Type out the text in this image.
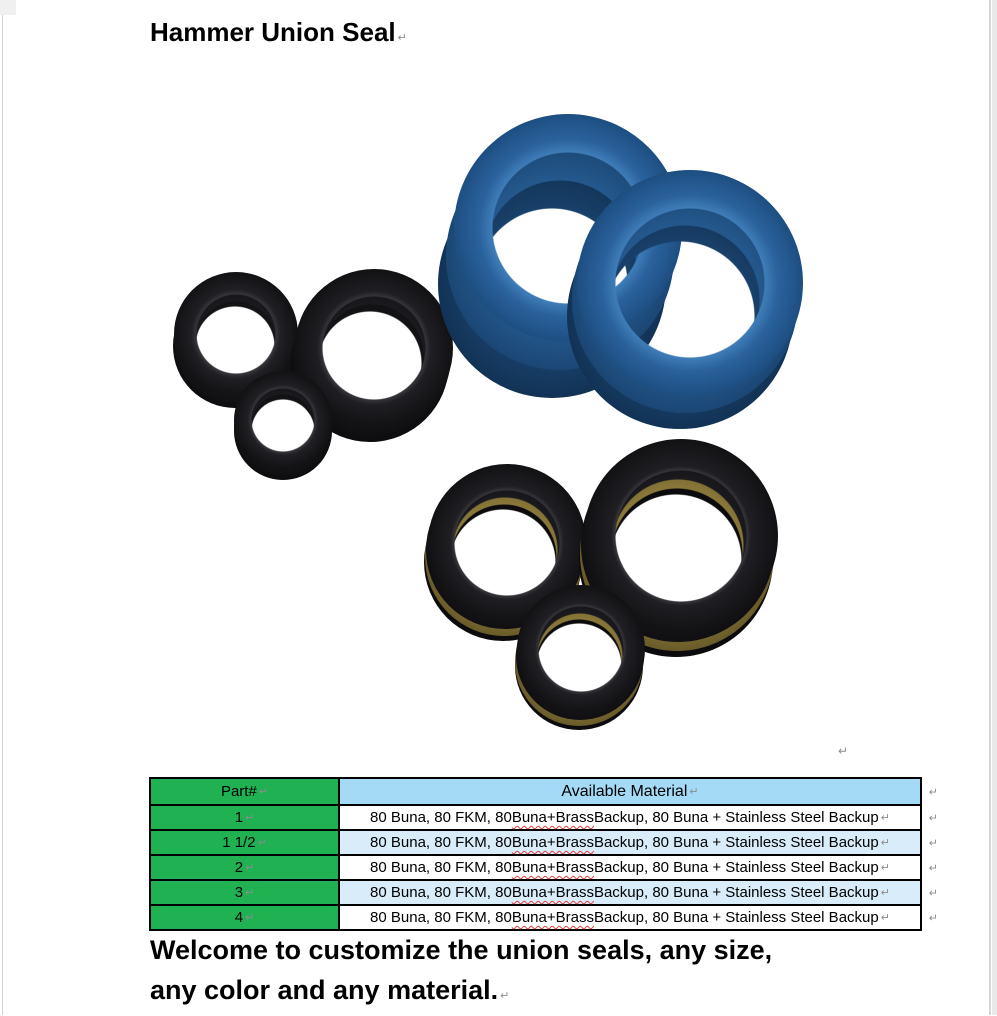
Hammer Union Seal ↵
↵
Part# ↵	Available Material ↵	↵
1 ↵	80 Buna, 80 FKM, 80 Buna+Brass Backup, 80 Buna + Stainless Steel Backup ↵	↵
1 1/2 ↵	80 Buna, 80 FKM, 80 Buna+Brass Backup, 80 Buna + Stainless Steel Backup ↵	↵
2 ↵	80 Buna, 80 FKM, 80 Buna+Brass Backup, 80 Buna + Stainless Steel Backup ↵	↵
3 ↵	80 Buna, 80 FKM, 80 Buna+Brass Backup, 80 Buna + Stainless Steel Backup ↵	↵
4 ↵	80 Buna, 80 FKM, 80 Buna+Brass Backup, 80 Buna + Stainless Steel Backup ↵	↵
Welcome to customize the union seals, any size,
any color and any material. ↵
